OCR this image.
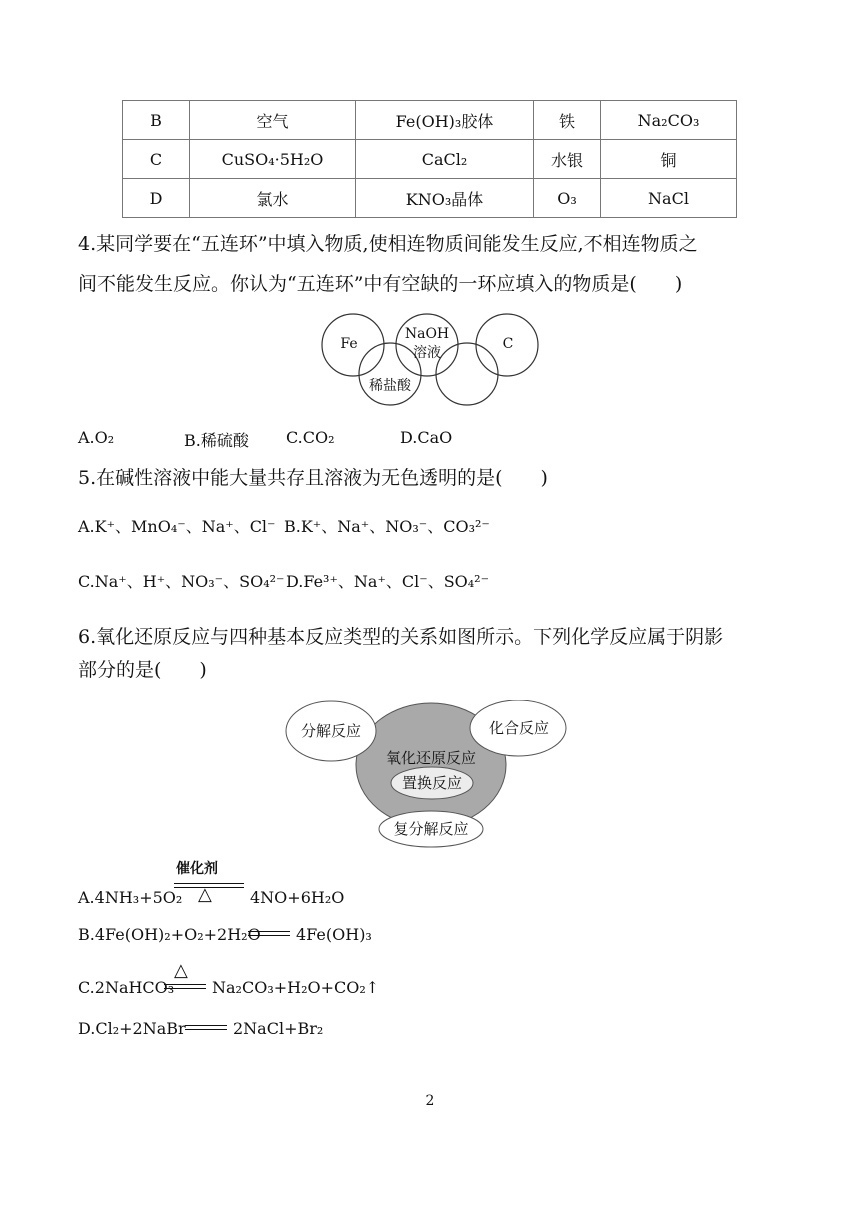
B	空气	Fe(OH)₃胶体	铁	Na₂CO₃
C	CuSO₄·5H₂O	CaCl₂	水银	铜
D	氯水	KNO₃晶体	O₃	NaCl

4.某同学要在“五连环”中填入物质,使相连物质间能发生反应,不相连物质之

间不能发生反应。你认为“五连环”中有空缺的一环应填入的物质是(　　)

Fe
NaOH
溶液
C
稀盐酸
A.O₂	B.稀硫酸 C.CO₂	D.CaO

5.在碱性溶液中能大量共存且溶液为无色透明的是(　　)

A.K⁺、MnO₄⁻、Na⁺、Cl⁻ B.K⁺、Na⁺、NO₃⁻、CO₃²⁻
C.Na⁺、H⁺、NO₃⁻、SO₄²⁻ D.Fe³⁺、Na⁺、Cl⁻、SO₄²⁻

6.氧化还原反应与四种基本反应类型的关系如图所示。下列化学反应属于阴影

部分的是(　　)

分解反应	化合反应
氧化还原反应
置换反应
复分解反应
催化剂
△
A.4NH₃+5O₂	4NO+6H₂O
B.4Fe(OH)₂+O₂+2H₂O 4Fe(OH)₃
△
C.2NaHCO₃ Na₂CO₃+H₂O+CO₂↑
D.Cl₂+2NaBr	2NaCl+Br₂
2
